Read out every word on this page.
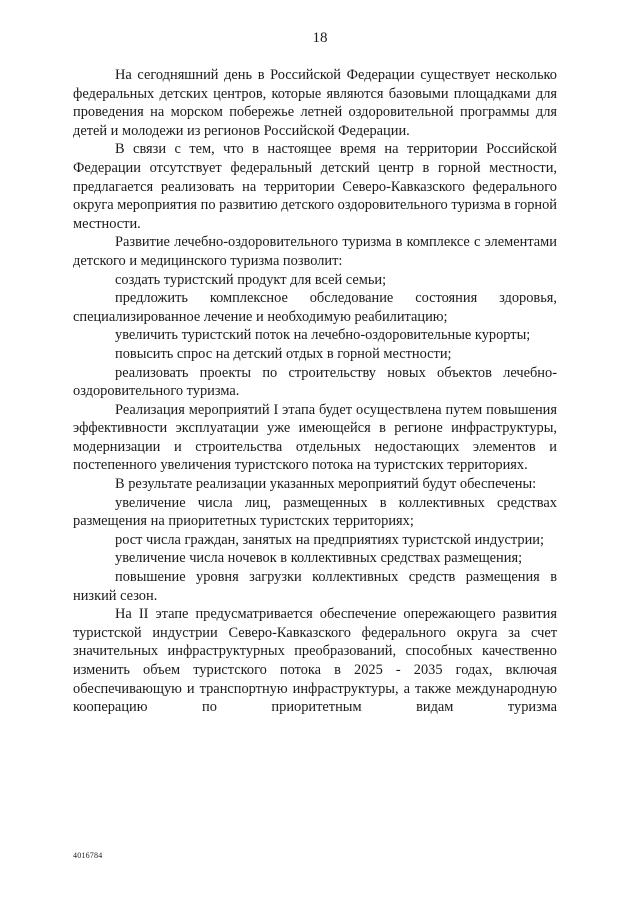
18

На сегодняшний день в Российской Федерации существует несколько федеральных детских центров, которые являются базовыми площадками для проведения на морском побережье летней оздоровительной программы для детей и молодежи из регионов Российской Федерации.

В связи с тем, что в настоящее время на территории Российской Федерации отсутствует федеральный детский центр в горной местности, предлагается реализовать на территории Северо-Кавказского федерального округа мероприятия по развитию детского оздоровительного туризма в горной местности.

Развитие лечебно-оздоровительного туризма в комплексе с элементами детского и медицинского туризма позволит:

создать туристский продукт для всей семьи;

предложить комплексное обследование состояния здоровья, специализированное лечение и необходимую реабилитацию;

увеличить туристский поток на лечебно-оздоровительные курорты;

повысить спрос на детский отдых в горной местности;

реализовать проекты по строительству новых объектов лечебно-оздоровительного туризма.

Реализация мероприятий I этапа будет осуществлена путем повышения эффективности эксплуатации уже имеющейся в регионе инфраструктуры, модернизации и строительства отдельных недостающих элементов и постепенного увеличения туристского потока на туристских территориях.

В результате реализации указанных мероприятий будут обеспечены:

увеличение числа лиц, размещенных в коллективных средствах размещения на приоритетных туристских территориях;

рост числа граждан, занятых на предприятиях туристской индустрии;

увеличение числа ночевок в коллективных средствах размещения;

повышение уровня загрузки коллективных средств размещения в низкий сезон.

На II этапе предусматривается обеспечение опережающего развития туристской индустрии Северо-Кавказского федерального округа за счет значительных инфраструктурных преобразований, способных качественно изменить объем туристского потока в 2025 - 2035 годах, включая обеспечивающую и транспортную инфраструктуры, а также международную кооперацию по приоритетным видам туризма

4016784
